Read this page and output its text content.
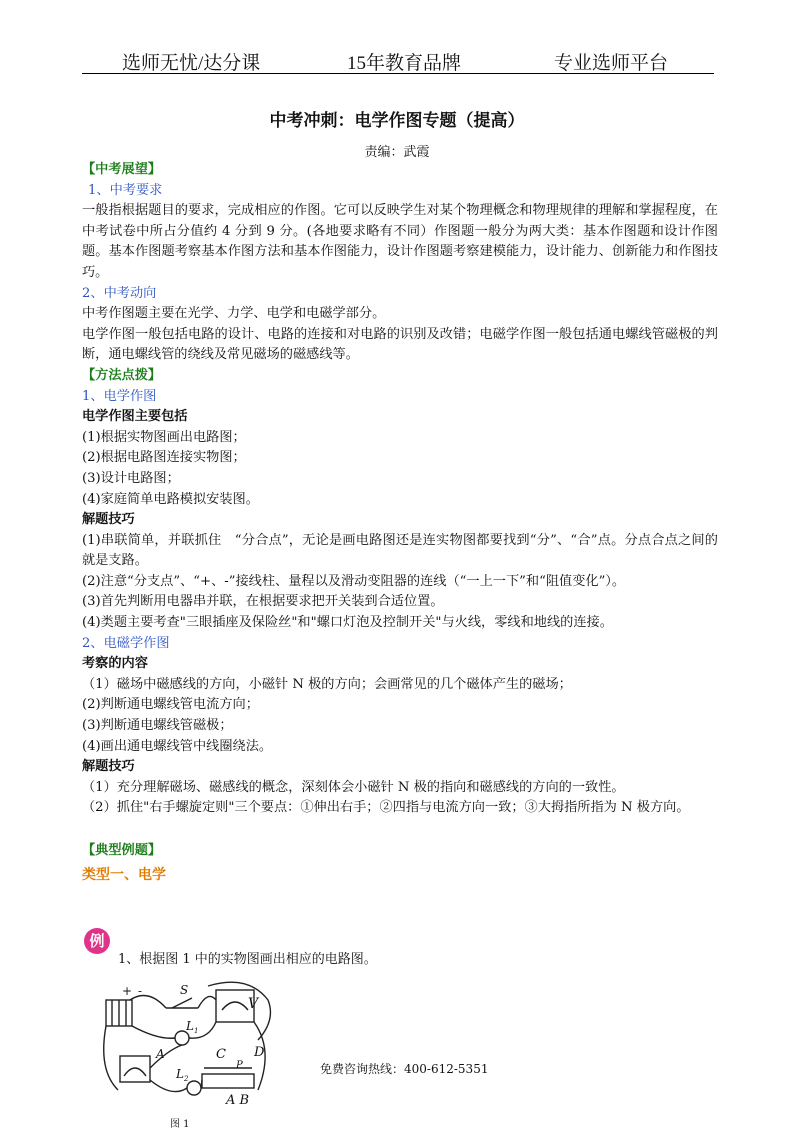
选师无忧/达分课	15年教育品牌	专业选师平台
中考冲刺：电学作图专题（提高）
责编：武霞

【中考展望】

1、中考要求

一般指根据题目的要求，完成相应的作图。它可以反映学生对某个物理概念和物理规律的理解和掌握程度，在中考试卷中所占分值约 4 分到 9 分。(各地要求略有不同）作图题一般分为两大类：基本作图题和设计作图题。基本作图题考察基本作图方法和基本作图能力，设计作图题考察建模能力，设计能力、创新能力和作图技巧。

2、中考动向

中考作图题主要在光学、力学、电学和电磁学部分。

电学作图一般包括电路的设计、电路的连接和对电路的识别及改错；电磁学作图一般包括通电螺线管磁极的判断，通电螺线管的绕线及常见磁场的磁感线等。

【方法点拨】

1、电学作图

电学作图主要包括

(1)根据实物图画出电路图；

(2)根据电路图连接实物图；

(3)设计电路图；

(4)家庭简单电路模拟安装图。

解题技巧

(1)串联简单，并联抓住　“分合点”，无论是画电路图还是连实物图都要找到“分”、“合”点。分点合点之间的就是支路。

(2)注意“分支点”、“+、-”接线柱、量程以及滑动变阻器的连线（“一上一下”和“阻值变化”）。

(3)首先判断用电器串并联，在根据要求把开关装到合适位置。

(4)类题主要考查"三眼插座及保险丝"和"螺口灯泡及控制开关"与火线，零线和地线的连接。

2、电磁学作图

考察的内容

（1）磁场中磁感线的方向，小磁针 N 极的方向；会画常见的几个磁体产生的磁场；

(2)判断通电螺线管电流方向；

(3)判断通电螺线管磁极；

(4)画出通电螺线管中线圈绕法。

解题技巧

（1）充分理解磁场、磁感线的概念，深刻体会小磁针 N 极的指向和磁感线的方向的一致性。

（2）抓住"右手螺旋定则"三个要点：①伸出右手；②四指与电流方向一致；③大拇指所指为 N 极方向。

【典型例题】

类型一、电学

例
1、根据图 1 中的实物图画出相应的电路图。
+ -	S
V
A
L 1
L 2
C D
A B
P	免费咨询热线：400-612-5351
图 1
